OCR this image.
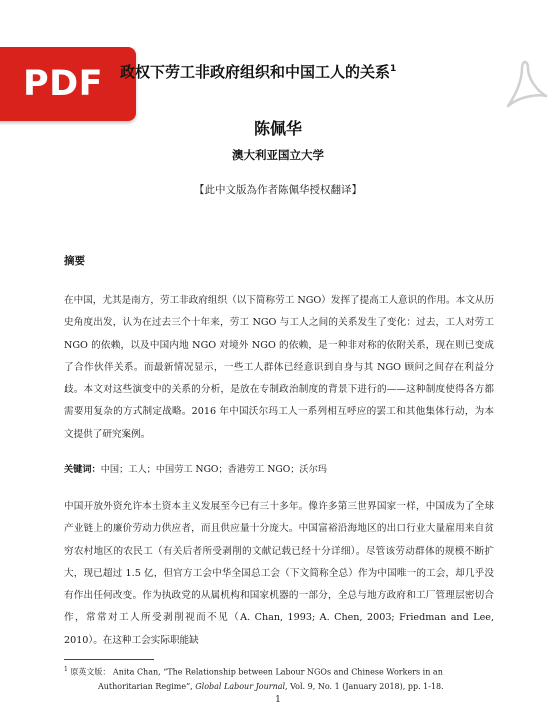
PDF 政权下劳工非政府组织和中国工人的关系$^1$
陈佩华
澳大利亚国立大学
【此中文版為作者陈佩华授权翻译】
摘要
在中国，尤其是南方，劳工非政府组织（以下简称劳工 NGO）发挥了提高工人意识的作用。本文从历史角度出发，认为在过去三个十年来，劳工 NGO 与工人之间的关系发生了变化：过去，工人对劳工 NGO 的依赖，以及中国内地 NGO 对境外 NGO 的依赖，是一种非对称的依附关系，现在则已变成了合作伙伴关系。而最新情况显示，一些工人群体已经意识到自身与其 NGO 顾问之间存在利益分歧。本文对这些演变中的关系的分析，是放在专制政治制度的背景下进行的——这种制度使得各方都需要用复杂的方式制定战略。2016 年中国沃尔玛工人一系列相互呼应的罢工和其他集体行动，为本文提供了研究案例。
关键词：中国；工人；中国劳工 NGO；香港劳工 NGO；沃尔玛
中国开放外资允许本土资本主义发展至今已有三十多年。像许多第三世界国家一样，中国成为了全球产业链上的廉价劳动力供应者，而且供应量十分庞大。中国富裕沿海地区的出口行业大量雇用来自贫穷农村地区的农民工（有关后者所受剥削的文献记载已经十分详细）。尽管该劳动群体的规模不断扩大，现已超过 1.5 亿，但官方工会中华全国总工会（下文简称全总）作为中国唯一的工会，却几乎没有作出任何改变。作为执政党的从属机构和国家机器的一部分，全总与地方政府和工厂管理层密切合作，常常对工人所受剥削视而不见（A. Chan, 1993; A. Chen, 2003; Friedman and Lee, 2010）。在这种工会实际职能缺
$^1$ 原英文版： Anita Chan, “The Relationship between Labour NGOs and Chinese Workers in an
Authoritarian Regime”, Global Labour Journal, Vol. 9, No. 1 (January 2018), pp. 1-18.
1
